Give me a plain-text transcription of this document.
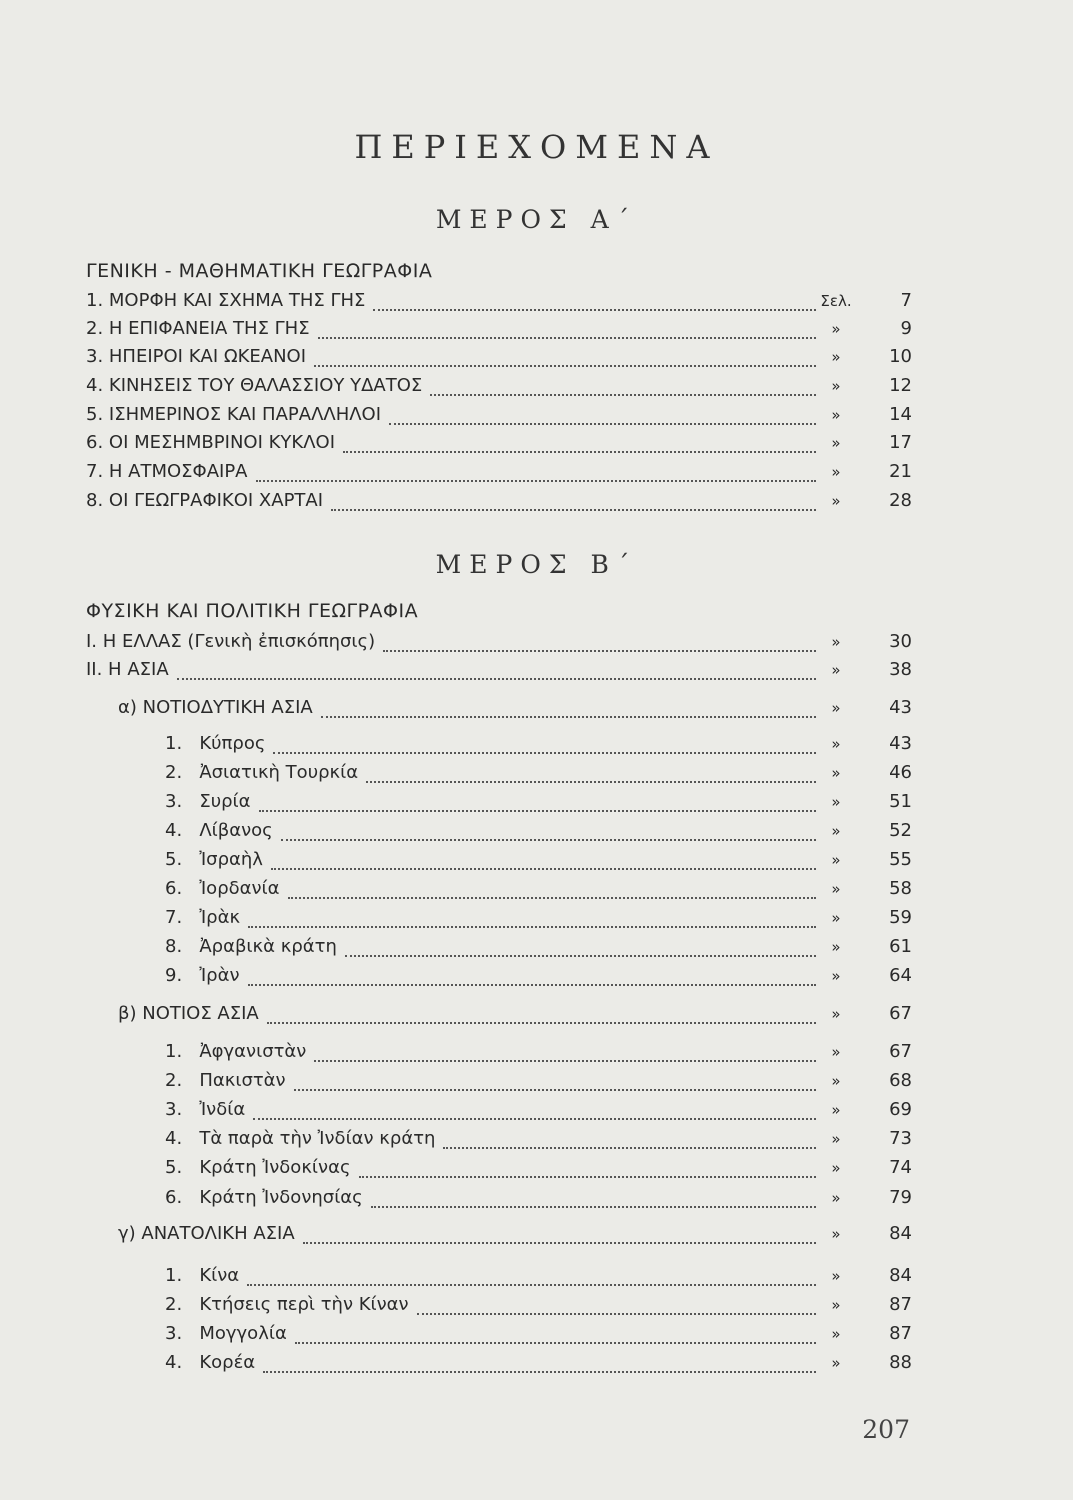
ΠΕΡΙΕΧΟΜΕΝΑ
ΜΕΡΟΣ Α΄
ΓΕΝΙΚΗ - ΜΑΘΗΜΑΤΙΚΗ ΓΕΩΓΡΑΦΙΑ
1. ΜΟΡΦΗ ΚΑΙ ΣΧΗΜΑ ΤΗΣ ΓΗΣ	Σελ.	7
2. Η ΕΠΙΦΑΝΕΙΑ ΤΗΣ ΓΗΣ	»	9
3. ΗΠΕΙΡΟΙ ΚΑΙ ΩΚΕΑΝΟΙ	»	10
4. ΚΙΝΗΣΕΙΣ ΤΟΥ ΘΑΛΑΣΣΙΟΥ ΥΔΑΤΟΣ	»	12
5. ΙΣΗΜΕΡΙΝΟΣ ΚΑΙ ΠΑΡΑΛΛΗΛΟΙ	»	14
6. ΟΙ ΜΕΣΗΜΒΡΙΝΟΙ ΚΥΚΛΟΙ	»	17
7. Η ΑΤΜΟΣΦΑΙΡΑ	»	21
8. ΟΙ ΓΕΩΓΡΑΦΙΚΟΙ ΧΑΡΤΑΙ	»	28
ΜΕΡΟΣ Β΄
ΦΥΣΙΚΗ ΚΑΙ ΠΟΛΙΤΙΚΗ ΓΕΩΓΡΑΦΙΑ
Ι. Η ΕΛΛΑΣ (Γενικὴ ἐπισκόπησις)	»	30
ΙΙ. Η ΑΣΙΑ	»	38
α) ΝΟΤΙΟΔΥΤΙΚΗ ΑΣΙΑ	»	43
1.   Κύπρος	»	43
2.   Ἀσιατικὴ Τουρκία	»	46
3.   Συρία	»	51
4.   Λίβανος	»	52
5.   Ἰσραὴλ	»	55
6.   Ἰορδανία	»	58
7.   Ἰρὰκ	»	59
8.   Ἀραβικὰ κράτη	»	61
9.   Ἰρὰν	»	64
β) ΝΟΤΙΟΣ ΑΣΙΑ	»	67
1.   Ἀφγανιστὰν	»	67
2.   Πακιστὰν	»	68
3.   Ἰνδία	»	69
4.   Τὰ παρὰ τὴν Ἰνδίαν κράτη	»	73
5.   Κράτη Ἰνδοκίνας	»	74
6.   Κράτη Ἰνδονησίας	»	79
γ) ΑΝΑΤΟΛΙΚΗ ΑΣΙΑ	»	84
1.   Κίνα	»	84
2.   Κτήσεις περὶ τὴν Κίναν	»	87
3.   Μογγολία	»	87
4.   Κορέα	»	88
207
